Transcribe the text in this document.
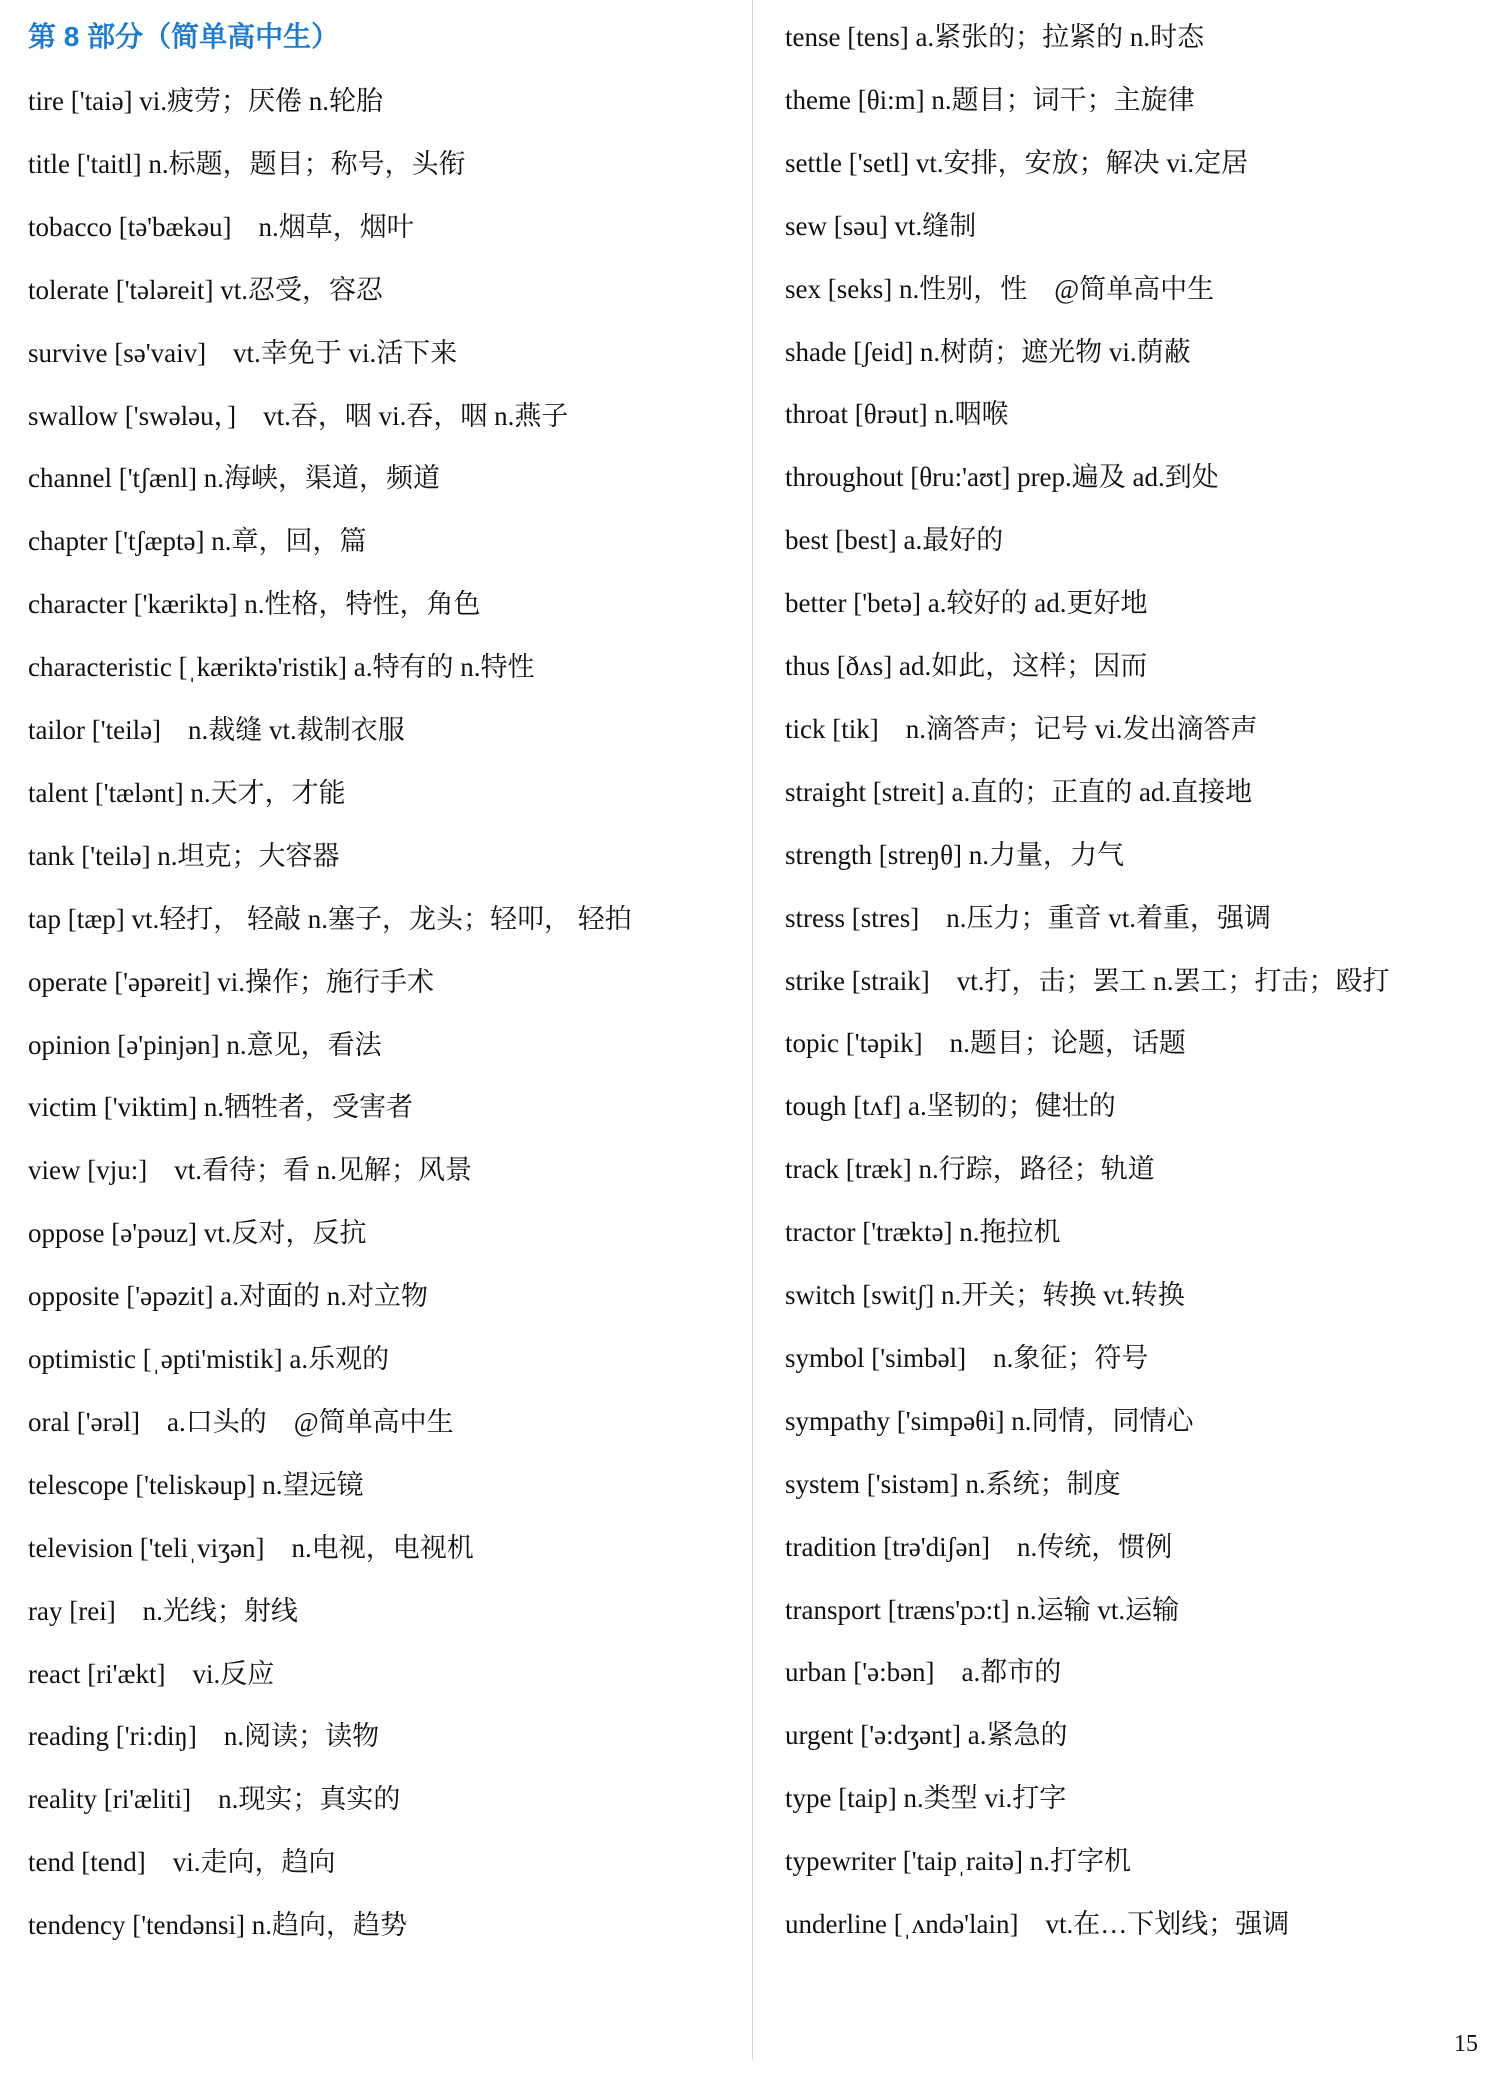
第 8 部分（简单高中生）
tire ['taiə] vi.疲劳；厌倦 n.轮胎
title ['taitl] n.标题，题目；称号，头衔
tobacco [tə'bækəu]    n.烟草，烟叶
tolerate ['tələreit] vt.忍受，容忍
survive [sə'vaiv]    vt.幸免于 vi.活下来
swallow ['swələu，]    vt.吞，咽 vi.吞，咽 n.燕子
channel ['tʃænl] n.海峡，渠道，频道
chapter ['tʃæptə] n.章，回，篇
character ['kæriktə] n.性格，特性，角色
characteristic [ˌkæriktə'ristik] a.特有的 n.特性
tailor ['teilə]    n.裁缝 vt.裁制衣服
talent ['tælənt] n.天才，才能
tank ['teilə] n.坦克；大容器
tap [tæp] vt.轻打， 轻敲 n.塞子，龙头；轻叩， 轻拍
operate ['əpəreit] vi.操作；施行手术
opinion [ə'pinjən] n.意见，看法
victim ['viktim] n.牺牲者，受害者
view [vju:]    vt.看待；看 n.见解；风景
oppose [ə'pəuz] vt.反对，反抗
opposite ['əpəzit] a.对面的 n.对立物
optimistic [ˌəpti'mistik] a.乐观的
oral ['ərəl]    a.口头的    @简单高中生
telescope ['teliskəup] n.望远镜
television ['teliˌviʒən]    n.电视，电视机
ray [rei]    n.光线；射线
react [ri'ækt]    vi.反应
reading ['ri:diŋ]    n.阅读；读物
reality [ri'æliti]    n.现实；真实的
tend [tend]    vi.走向，趋向
tendency ['tendənsi] n.趋向，趋势
tense [tens] a.紧张的；拉紧的 n.时态
theme [θi:m] n.题目；词干；主旋律
settle ['setl] vt.安排，安放；解决 vi.定居
sew [səu] vt.缝制
sex [seks] n.性别，性    @简单高中生
shade [ʃeid] n.树荫；遮光物 vi.荫蔽
throat [θrəut] n.咽喉
throughout [θru:'aʊt] prep.遍及 ad.到处
best [best] a.最好的
better ['betə] a.较好的 ad.更好地
thus [ðʌs] ad.如此，这样；因而
tick [tik]    n.滴答声；记号 vi.发出滴答声
straight [streit] a.直的；正直的 ad.直接地
strength [streŋθ] n.力量，力气
stress [stres]    n.压力；重音 vt.着重，强调
strike [straik]    vt.打，击；罢工 n.罢工；打击；殴打
topic ['təpik]    n.题目；论题，话题
tough [tʌf] a.坚韧的；健壮的
track [træk] n.行踪，路径；轨道
tractor ['træktə] n.拖拉机
switch [switʃ] n.开关；转换 vt.转换
symbol ['simbəl]    n.象征；符号
sympathy ['simpəθi] n.同情，同情心
system ['sistəm] n.系统；制度
tradition [trə'diʃən]    n.传统，惯例
transport [træns'pɔ:t] n.运输 vt.运输
urban ['ə:bən]    a.都市的
urgent ['ə:dʒənt] a.紧急的
type [taip] n.类型 vi.打字
typewriter ['taipˌraitə] n.打字机
underline [ˌʌndə'lain]    vt.在…下划线；强调
15
